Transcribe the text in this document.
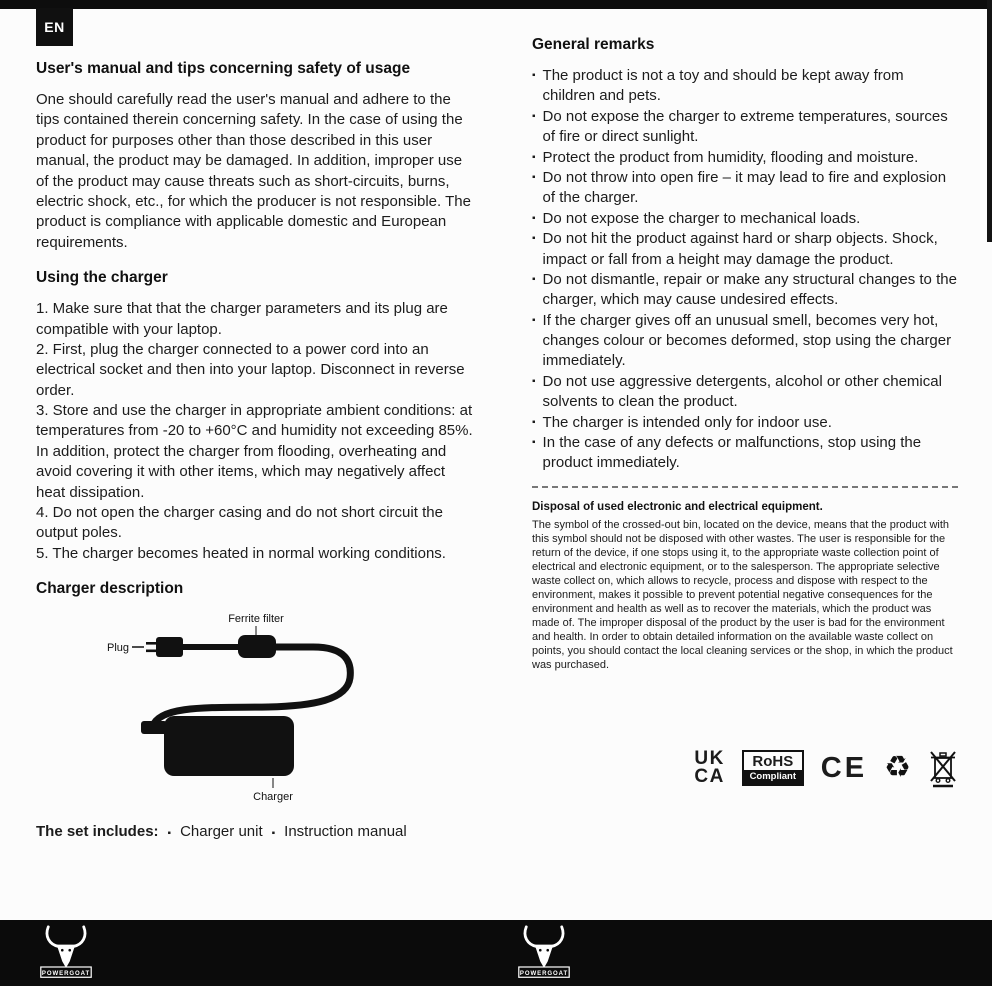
EN
User's manual and tips concerning safety of usage

One should carefully read the user's manual and adhere to the tips contained therein concerning safety. In the case of using the product for purposes other than those described in this user manual, the product may be damaged. In addition, improper use of the product may cause threats such as short-circuits, burns, electric shock, etc., for which the producer is not responsible. The product is compliance with applicable domestic and European requirements.

Using the charger

1. Make sure that that the charger parameters and its plug are compatible with your laptop.

2. First, plug the charger connected to a power cord into an electrical socket and then into your laptop. Disconnect in reverse order.

3. Store and use the charger in appropriate ambient conditions: at temperatures from -20 to +60°C and humidity not exceeding 85%. In addition, protect the charger from flooding, overheating and avoid covering it with other items, which may negatively affect heat dissipation.

4. Do not open the charger casing and do not short circuit the output poles.

5. The charger becomes heated in normal working conditions.

Charger description
Ferrite filter
Plug
Charger
The set includes: ▪ Charger unit ▪ Instruction manual
General remarks
▪ The product is not a toy and should be kept away from children and pets.
▪ Do not expose the charger to extreme temperatures, sources of fire or direct sunlight.
▪ Protect the product from humidity, flooding and moisture.
▪ Do not throw into open fire – it may lead to fire and explosion of the charger.
▪ Do not expose the charger to mechanical loads.
▪ Do not hit the product against hard or sharp objects. Shock, impact or fall from a height may damage the product.
▪ Do not dismantle, repair or make any structural changes to the charger, which may cause undesired effects.
▪ If the charger gives off an unusual smell, becomes very hot, changes colour or becomes deformed, stop using the charger immediately.
▪ Do not use aggressive detergents, alcohol or other chemical solvents to clean the product.
▪ The charger is intended only for indoor use.
▪ In the case of any defects or malfunctions, stop using the product immediately.
Disposal of used electronic and electrical equipment.

The symbol of the crossed-out bin, located on the device, means that the product with this symbol should not be disposed with other wastes. The user is responsible for the return of the device, if one stops using it, to the appropriate waste collection point of electrical and electronic equipment, or to the salesperson. The appropriate selective waste collect on, which allows to recycle, process and dispose with respect to the environment, makes it possible to prevent potential negative consequences for the environment and health as well as to recover the materials, which the product was made of. The improper disposal of the product by the user is bad for the environment and health. In order to obtain detailed information on the available waste collect on points, you should contact the local cleaning services or the shop, in which the product was purchased.

UK
CA
RoHS
Compliant CE ♻
POWERGOAT	POWERGOAT
